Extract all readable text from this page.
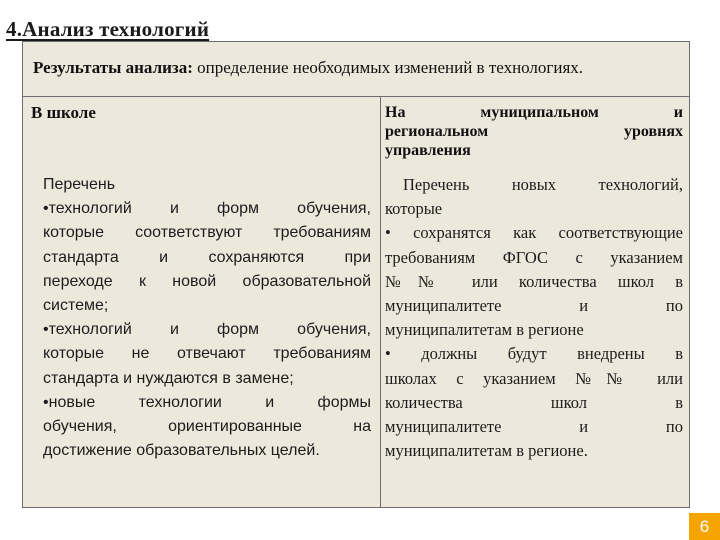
4.Анализ технологий
Результаты анализа: определение необходимых изменений в технологиях.
В школе	На муниципальном и
региональном уровнях
управления
Перечень
•технологий и форм обучения,
которые соответствуют требованиям
стандарта и сохраняются при
переходе к новой образовательной
системе;
•технологий и форм обучения,
которые не отвечают требованиям
стандарта и нуждаются в замене;
•новые технологии и формы
обучения, ориентированные на
достижение образовательных целей.
Перечень новых технологий,
которые
• сохранятся как соответствующие
требованиям ФГОС с указанием
№№ или количества школ в
муниципалитете и по
муниципалитетам в регионе
• должны будут внедрены в
школах с указанием №№ или
количества школ в
муниципалитете и по
муниципалитетам в регионе.
6
